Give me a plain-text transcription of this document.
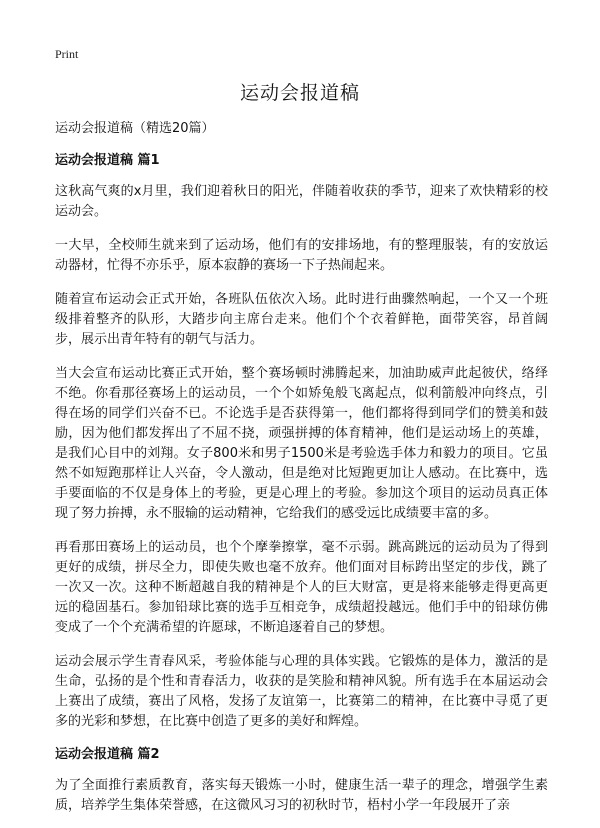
Print
运动会报道稿

运动会报道稿（精选20篇）

运动会报道稿 篇1

这秋高气爽的x月里，我们迎着秋日的阳光，伴随着收获的季节，迎来了欢快精彩的校运动会。

一大早，全校师生就来到了运动场，他们有的安排场地，有的整理服装，有的安放运动器材，忙得不亦乐乎，原本寂静的赛场一下子热闹起来。

随着宣布运动会正式开始，各班队伍依次入场。此时进行曲骤然响起，一个又一个班级排着整齐的队形，大踏步向主席台走来。他们个个衣着鲜艳，面带笑容，昂首阔步，展示出青年特有的朝气与活力。

当大会宣布运动比赛正式开始，整个赛场顿时沸腾起来，加油助威声此起彼伏，络绎不绝。你看那径赛场上的运动员，一个个如矫兔般飞离起点，似利箭般冲向终点，引得在场的同学们兴奋不已。不论选手是否获得第一，他们都将得到同学们的赞美和鼓励，因为他们都发挥出了不屈不挠，顽强拼搏的体育精神，他们是运动场上的英雄，是我们心目中的刘翔。女子800米和男子1500米是考验选手体力和毅力的项目。它虽然不如短跑那样让人兴奋，令人激动，但是绝对比短跑更加让人感动。在比赛中，选手要面临的不仅是身体上的考验，更是心理上的考验。参加这个项目的运动员真正体现了努力拚搏，永不服输的运动精神，它给我们的感受远比成绩要丰富的多。

再看那田赛场上的运动员，也个个摩拳擦掌，毫不示弱。跳高跳远的运动员为了得到更好的成绩，拼尽全力，即使失败也毫不放弃。他们面对目标跨出坚定的步伐，跳了一次又一次。这种不断超越自我的精神是个人的巨大财富，更是将来能够走得更高更远的稳固基石。参加铅球比赛的选手互相竞争，成绩超投越远。他们手中的铅球仿佛变成了一个个充满希望的许愿球，不断追逐着自己的梦想。

运动会展示学生青春风采，考验体能与心理的具体实践。它锻炼的是体力，激活的是生命，弘扬的是个性和青春活力，收获的是笑脸和精神风貌。所有选手在本届运动会上赛出了成绩，赛出了风格，发扬了友谊第一，比赛第二的精神，在比赛中寻觅了更多的光彩和梦想，在比赛中创造了更多的美好和辉煌。

运动会报道稿 篇2

为了全面推行素质教育，落实每天锻炼一小时，健康生活一辈子的理念，增强学生素质，培养学生集体荣誉感，在这微风习习的初秋时节，梧村小学一年段展开了亲
